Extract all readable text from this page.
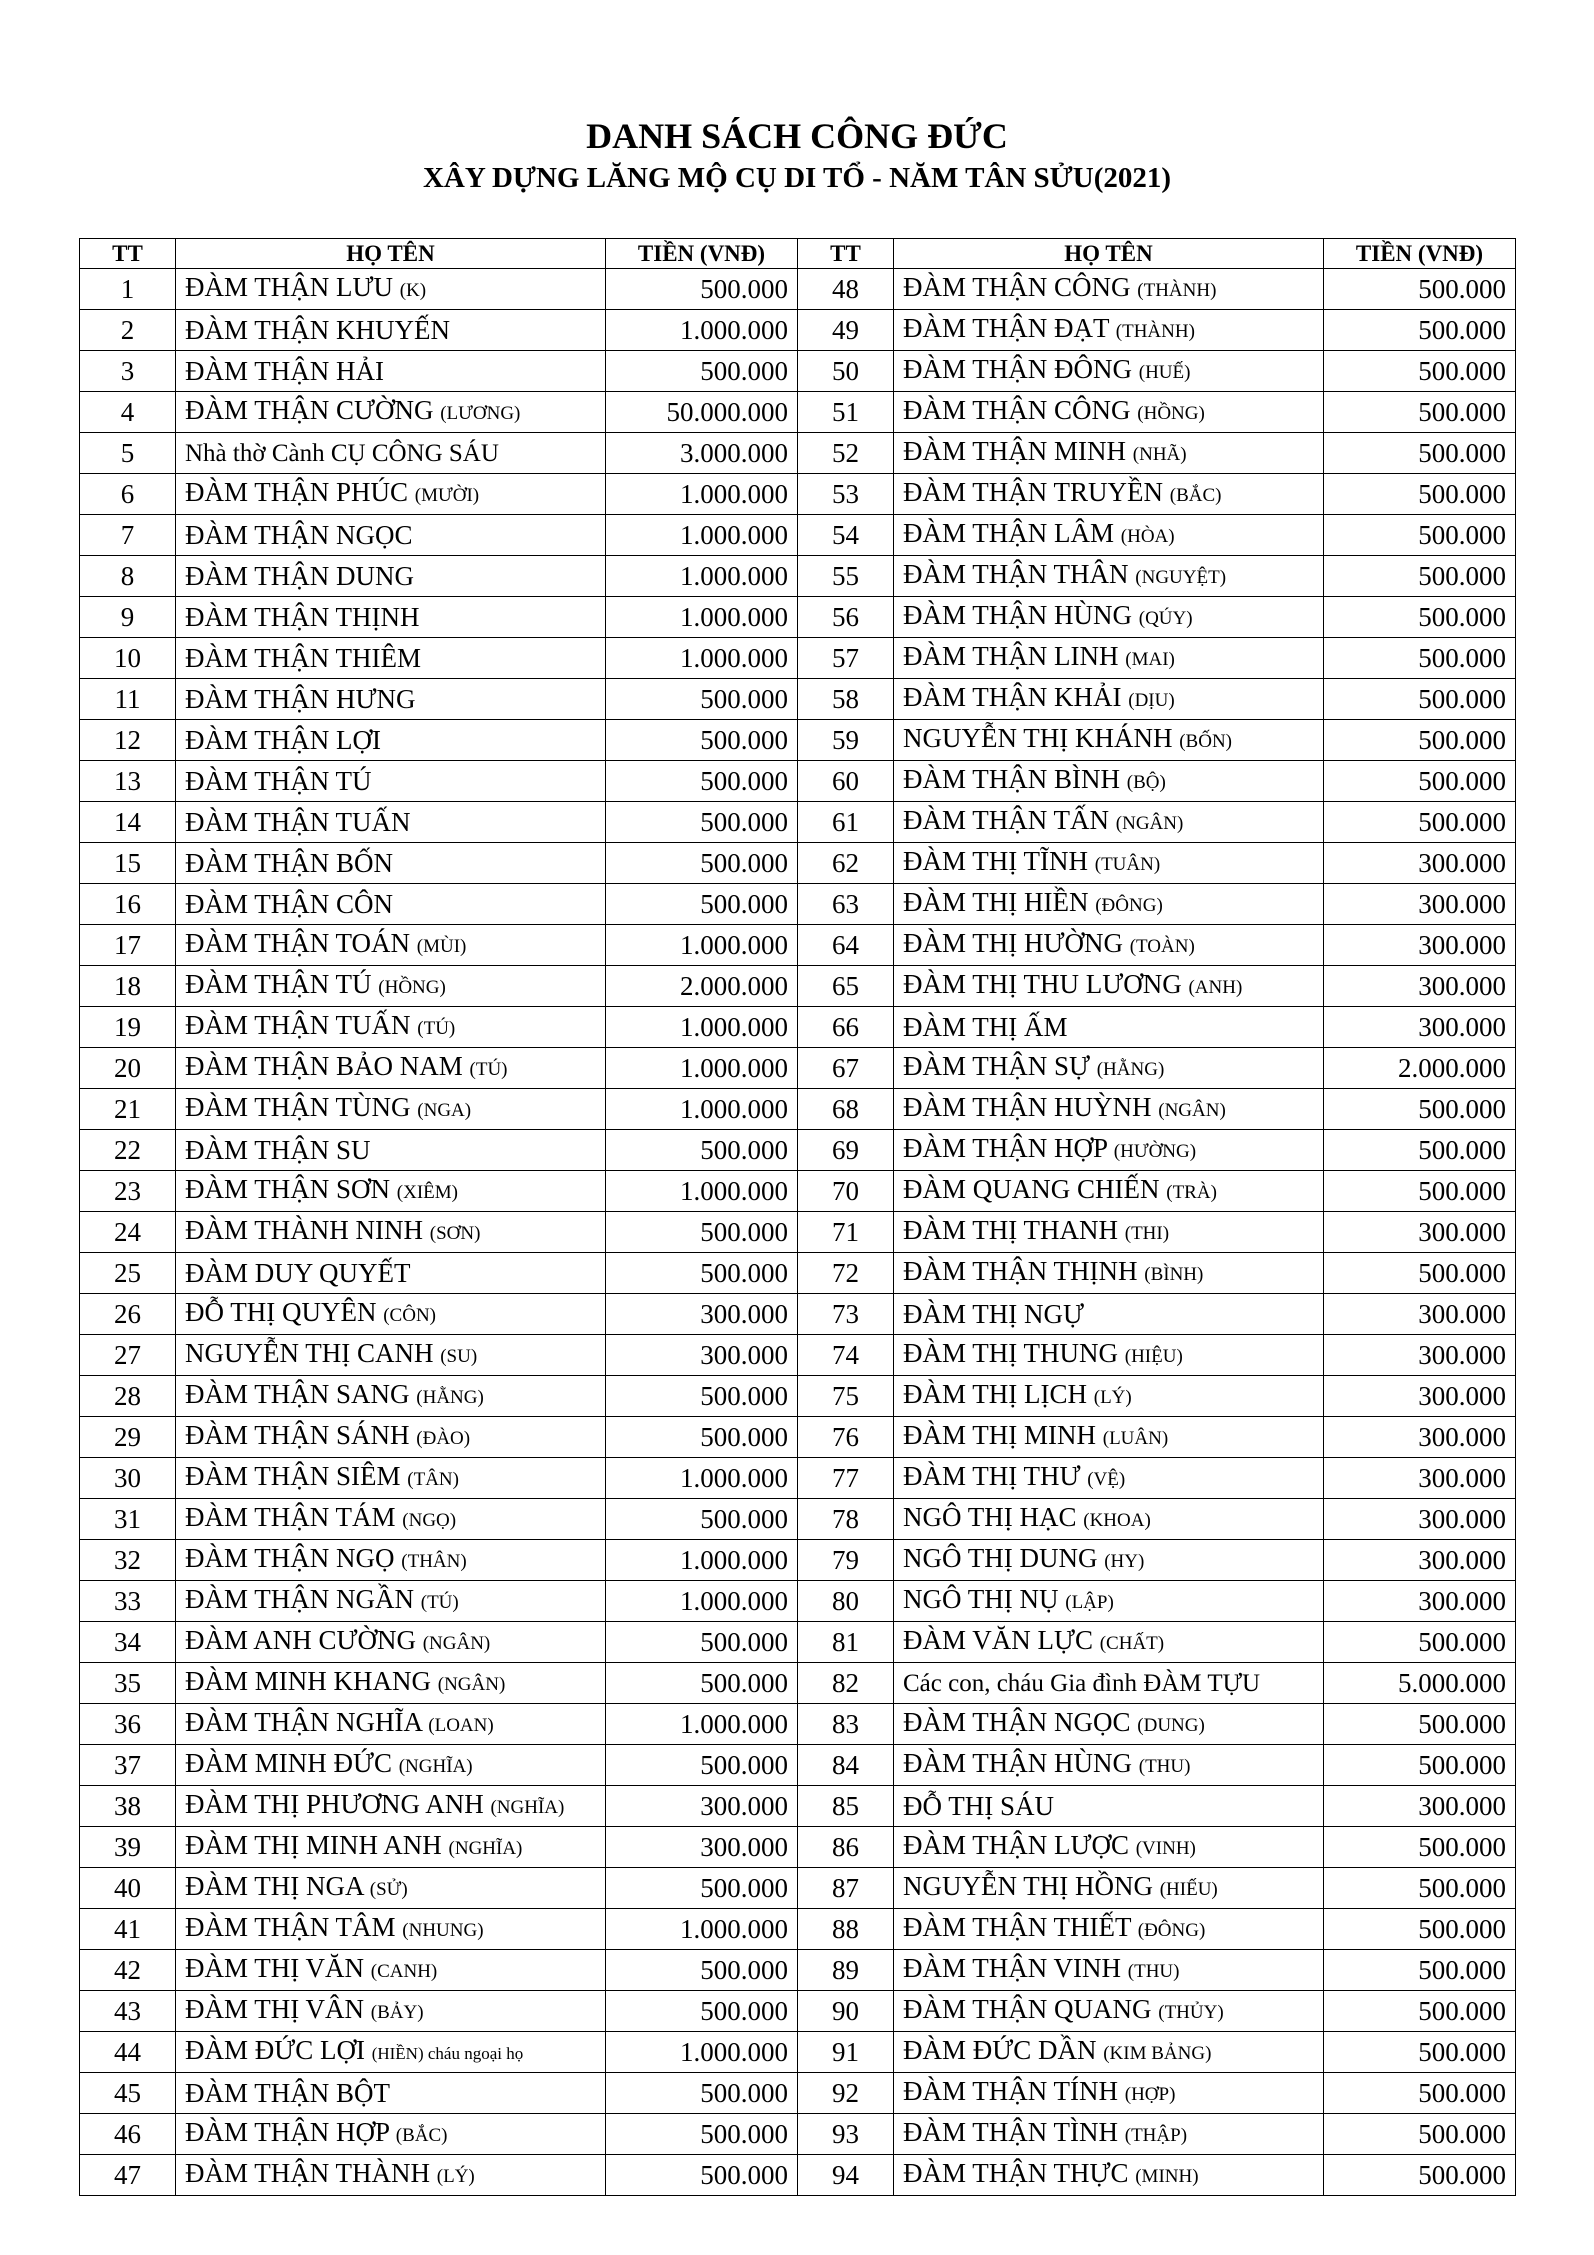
DANH SÁCH CÔNG ĐỨC
XÂY DỰNG LĂNG MỘ CỤ DI TỔ - NĂM TÂN SỬU(2021)
TT	HỌ TÊN	TIỀN (VNĐ)	TT	HỌ TÊN	TIỀN (VNĐ)
1	ĐÀM THẬN LƯU (K)	500.000	48	ĐÀM THẬN CÔNG (THÀNH)	500.000
2	ĐÀM THẬN KHUYẾN	1.000.000	49	ĐÀM THẬN ĐẠT (THÀNH)	500.000
3	ĐÀM THẬN HẢI	500.000	50	ĐÀM THẬN ĐÔNG (HUẾ)	500.000
4	ĐÀM THẬN CƯỜNG (LƯƠNG)	50.000.000	51	ĐÀM THẬN CÔNG (HỒNG)	500.000
5	Nhà thờ Cành CỤ CÔNG SÁU	3.000.000	52	ĐÀM THẬN MINH (NHÃ)	500.000
6	ĐÀM THẬN PHÚC (MƯỜI)	1.000.000	53	ĐÀM THẬN TRUYỀN (BẮC)	500.000
7	ĐÀM THẬN NGỌC	1.000.000	54	ĐÀM THẬN LÂM (HÒA)	500.000
8	ĐÀM THẬN DUNG	1.000.000	55	ĐÀM THẬN THÂN (NGUYỆT)	500.000
9	ĐÀM THẬN THỊNH	1.000.000	56	ĐÀM THẬN HÙNG (QÚY)	500.000
10	ĐÀM THẬN THIÊM	1.000.000	57	ĐÀM THẬN LINH (MAI)	500.000
11	ĐÀM THẬN HƯNG	500.000	58	ĐÀM THẬN KHẢI (DỊU)	500.000
12	ĐÀM THẬN LỢI	500.000	59	NGUYỄN THỊ KHÁNH (BỐN)	500.000
13	ĐÀM THẬN TÚ	500.000	60	ĐÀM THẬN BÌNH (BỘ)	500.000
14	ĐÀM THẬN TUẤN	500.000	61	ĐÀM THẬN TẤN (NGÂN)	500.000
15	ĐÀM THẬN BỐN	500.000	62	ĐÀM THỊ TĨNH (TUÂN)	300.000
16	ĐÀM THẬN CÔN	500.000	63	ĐÀM THỊ HIỀN (ĐÔNG)	300.000
17	ĐÀM THẬN TOÁN (MÙI)	1.000.000	64	ĐÀM THỊ HƯỜNG (TOÀN)	300.000
18	ĐÀM THẬN TÚ (HỒNG)	2.000.000	65	ĐÀM THỊ THU LƯƠNG (ANH)	300.000
19	ĐÀM THẬN TUẤN (TÚ)	1.000.000	66	ĐÀM THỊ ẤM	300.000
20	ĐÀM THẬN BẢO NAM (TÚ)	1.000.000	67	ĐÀM THẬN SỰ (HẰNG)	2.000.000
21	ĐÀM THẬN TÙNG (NGA)	1.000.000	68	ĐÀM THẬN HUỲNH (NGÂN)	500.000
22	ĐÀM THẬN SU	500.000	69	ĐÀM THẬN HỢP (HƯỜNG)	500.000
23	ĐÀM THẬN SƠN (XIÊM)	1.000.000	70	ĐÀM QUANG CHIẾN (TRÀ)	500.000
24	ĐÀM THÀNH NINH (SƠN)	500.000	71	ĐÀM THỊ THANH (THI)	300.000
25	ĐÀM DUY QUYẾT	500.000	72	ĐÀM THẬN THỊNH (BÌNH)	500.000
26	ĐỖ THỊ QUYÊN (CÔN)	300.000	73	ĐÀM THỊ NGỰ	300.000
27	NGUYỄN THỊ CANH (SU)	300.000	74	ĐÀM THỊ THUNG (HIỆU)	300.000
28	ĐÀM THẬN SANG (HẰNG)	500.000	75	ĐÀM THỊ LỊCH (LÝ)	300.000
29	ĐÀM THẬN SÁNH (ĐÀO)	500.000	76	ĐÀM THỊ MINH (LUÂN)	300.000
30	ĐÀM THẬN SIÊM (TÂN)	1.000.000	77	ĐÀM THỊ THƯ (VỆ)	300.000
31	ĐÀM THẬN TÁM (NGỌ)	500.000	78	NGÔ THỊ HẠC (KHOA)	300.000
32	ĐÀM THẬN NGỌ (THÂN)	1.000.000	79	NGÔ THỊ DUNG (HY)	300.000
33	ĐÀM THẬN NGẦN (TÚ)	1.000.000	80	NGÔ THỊ NỤ (LẬP)	300.000
34	ĐÀM ANH CƯỜNG (NGÂN)	500.000	81	ĐÀM VĂN LỰC (CHẤT)	500.000
35	ĐÀM MINH KHANG (NGÂN)	500.000	82	Các con, cháu Gia đình ĐÀM TỰU	5.000.000
36	ĐÀM THẬN NGHĨA (LOAN)	1.000.000	83	ĐÀM THẬN NGỌC (DUNG)	500.000
37	ĐÀM MINH ĐỨC (NGHĨA)	500.000	84	ĐÀM THẬN HÙNG (THU)	500.000
38	ĐÀM THỊ PHƯƠNG ANH (NGHĨA)	300.000	85	ĐỖ THỊ SÁU	300.000
39	ĐÀM THỊ MINH ANH (NGHĨA)	300.000	86	ĐÀM THẬN LƯỢC (VINH)	500.000
40	ĐÀM THỊ NGA (SỬ)	500.000	87	NGUYỄN THỊ HỒNG (HIẾU)	500.000
41	ĐÀM THẬN TÂM (NHUNG)	1.000.000	88	ĐÀM THẬN THIẾT (ĐÔNG)	500.000
42	ĐÀM THỊ VĂN (CANH)	500.000	89	ĐÀM THẬN VINH (THU)	500.000
43	ĐÀM THỊ VÂN (BẢY)	500.000	90	ĐÀM THẬN QUANG (THỦY)	500.000
44	ĐÀM ĐỨC LỢI (HIỀN) cháu ngoại họ	1.000.000	91	ĐÀM ĐỨC DẦN (KIM BẢNG)	500.000
45	ĐÀM THẬN BỘT	500.000	92	ĐÀM THẬN TÍNH (HỢP)	500.000
46	ĐÀM THẬN HỢP (BẮC)	500.000	93	ĐÀM THẬN TÌNH (THẬP)	500.000
47	ĐÀM THẬN THÀNH (LÝ)	500.000	94	ĐÀM THẬN THỰC (MINH)	500.000
